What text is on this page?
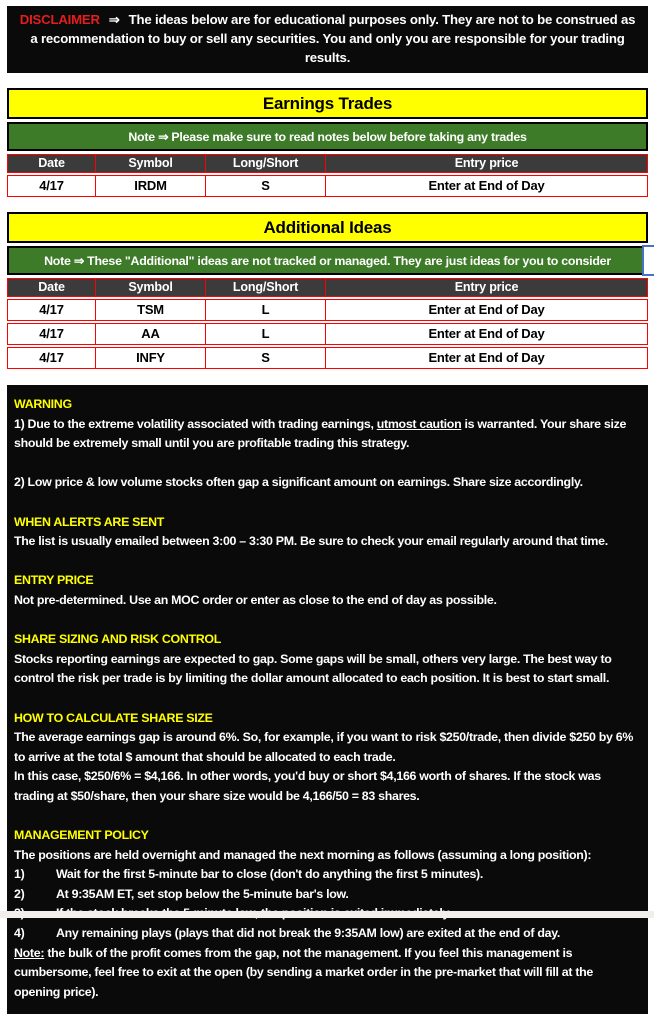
DISCLAIMER ⇒ The ideas below are for educational purposes only. They are not to be construed as a recommendation to buy or sell any securities. You and only you are responsible for your trading results.
Earnings Trades
Note ⇒ Please make sure to read notes below before taking any trades
Date	Symbol	Long/Short	Entry price
4/17	IRDM	S	Enter at End of Day
Additional Ideas
Note ⇒ These "Additional" ideas are not tracked or managed. They are just ideas for you to consider
Date	Symbol	Long/Short	Entry price
4/17	TSM	L	Enter at End of Day
4/17	AA	L	Enter at End of Day
4/17	INFY	S	Enter at End of Day

WARNING

1) Due to the extreme volatility associated with trading earnings, utmost caution is warranted. Your share size should be extremely small until you are profitable trading this strategy.

2) Low price & low volume stocks often gap a significant amount on earnings. Share size accordingly.

WHEN ALERTS ARE SENT

The list is usually emailed between 3:00 – 3:30 PM. Be sure to check your email regularly around that time.

ENTRY PRICE

Not pre-determined. Use an MOC order or enter as close to the end of day as possible.

SHARE SIZING AND RISK CONTROL

Stocks reporting earnings are expected to gap. Some gaps will be small, others very large. The best way to control the risk per trade is by limiting the dollar amount allocated to each position. It is best to start small.

HOW TO CALCULATE SHARE SIZE

The average earnings gap is around 6%. So, for example, if you want to risk $250/trade, then divide $250 by 6% to arrive at the total $ amount that should be allocated to each trade.

In this case, $250/6% = $4,166. In other words, you'd buy or short $4,166 worth of shares. If the stock was trading at $50/share, then your share size would be 4,166/50 = 83 shares.

MANAGEMENT POLICY

The positions are held overnight and managed the next morning as follows (assuming a long position):

1)	Wait for the first 5-minute bar to close (don't do anything the first 5 minutes).
2)	At 9:35AM ET, set stop below the 5-minute bar's low.
4)	Any remaining plays (plays that did not break the 9:35AM low) are exited at the end of day.

Note: the bulk of the profit comes from the gap, not the management. If you feel this management is cumbersome, feel free to exit at the open (by sending a market order in the pre-market that will fill at the opening price).
